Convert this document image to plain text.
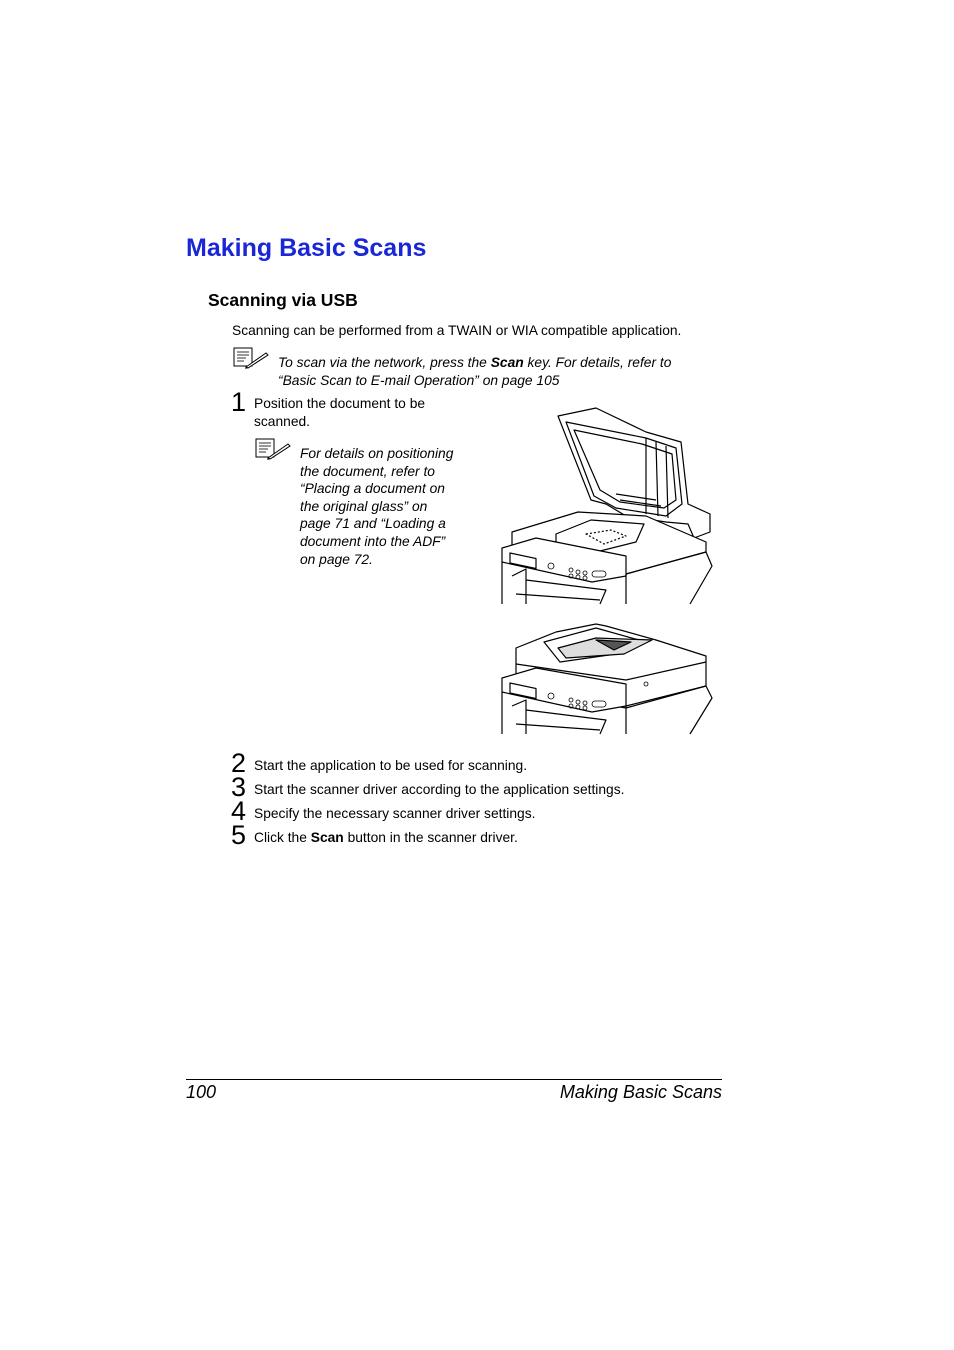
Making Basic Scans
Scanning via USB
Scanning can be performed from a TWAIN or WIA compatible application.
To scan via the network, press the Scan key. For details, refer to
“Basic Scan to E-mail Operation” on page 105
1 Position the document to be
scanned.
For details on positioning
the document, refer to
“Placing a document on
the original glass” on
page 71 and “Loading a
document into the ADF”
on page 72.
2 Start the application to be used for scanning.
3 Start the scanner driver according to the application settings.
4 Specify the necessary scanner driver settings.
5 Click the Scan button in the scanner driver.
100	Making Basic Scans
